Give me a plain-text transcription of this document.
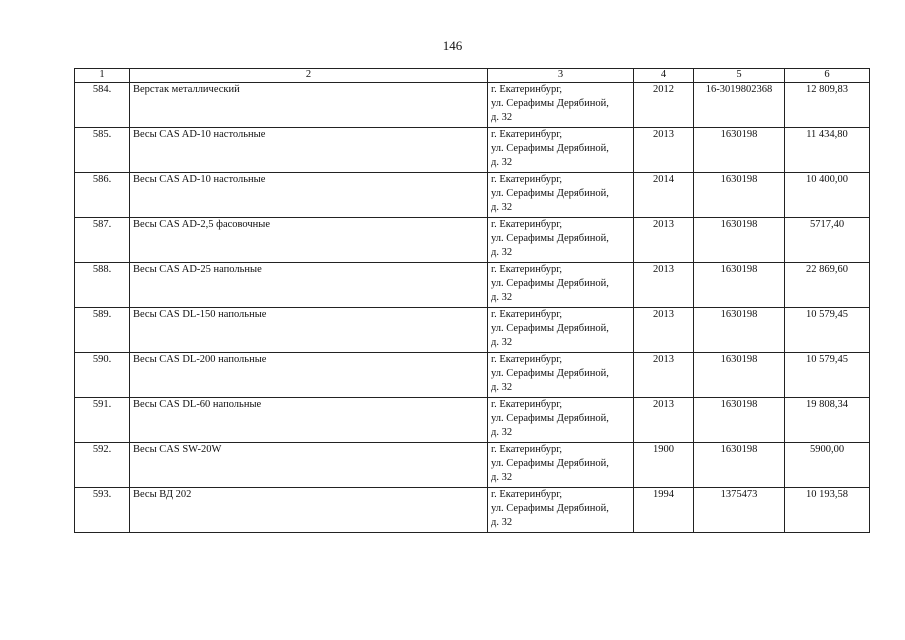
146
1	2	3	4	5	6
584.	Верстак металлический	г. Екатеринбург,
ул. Серафимы Дерябиной,
д. 32	2012	16-3019802368	12 809,83
585.	Весы CAS AD-10 настольные	г. Екатеринбург,
ул. Серафимы Дерябиной,
д. 32	2013	1630198	11 434,80
586.	Весы CAS AD-10 настольные	г. Екатеринбург,
ул. Серафимы Дерябиной,
д. 32	2014	1630198	10 400,00
587.	Весы CAS AD-2,5 фасовочные	г. Екатеринбург,
ул. Серафимы Дерябиной,
д. 32	2013	1630198	5717,40
588.	Весы CAS AD-25 напольные	г. Екатеринбург,
ул. Серафимы Дерябиной,
д. 32	2013	1630198	22 869,60
589.	Весы CAS DL-150 напольные	г. Екатеринбург,
ул. Серафимы Дерябиной,
д. 32	2013	1630198	10 579,45
590.	Весы CAS DL-200 напольные	г. Екатеринбург,
ул. Серафимы Дерябиной,
д. 32	2013	1630198	10 579,45
591.	Весы CAS DL-60 напольные	г. Екатеринбург,
ул. Серафимы Дерябиной,
д. 32	2013	1630198	19 808,34
592.	Весы CAS SW-20W	г. Екатеринбург,
ул. Серафимы Дерябиной,
д. 32	1900	1630198	5900,00
593.	Весы ВД 202	г. Екатеринбург,
ул. Серафимы Дерябиной,
д. 32	1994	1375473	10 193,58
